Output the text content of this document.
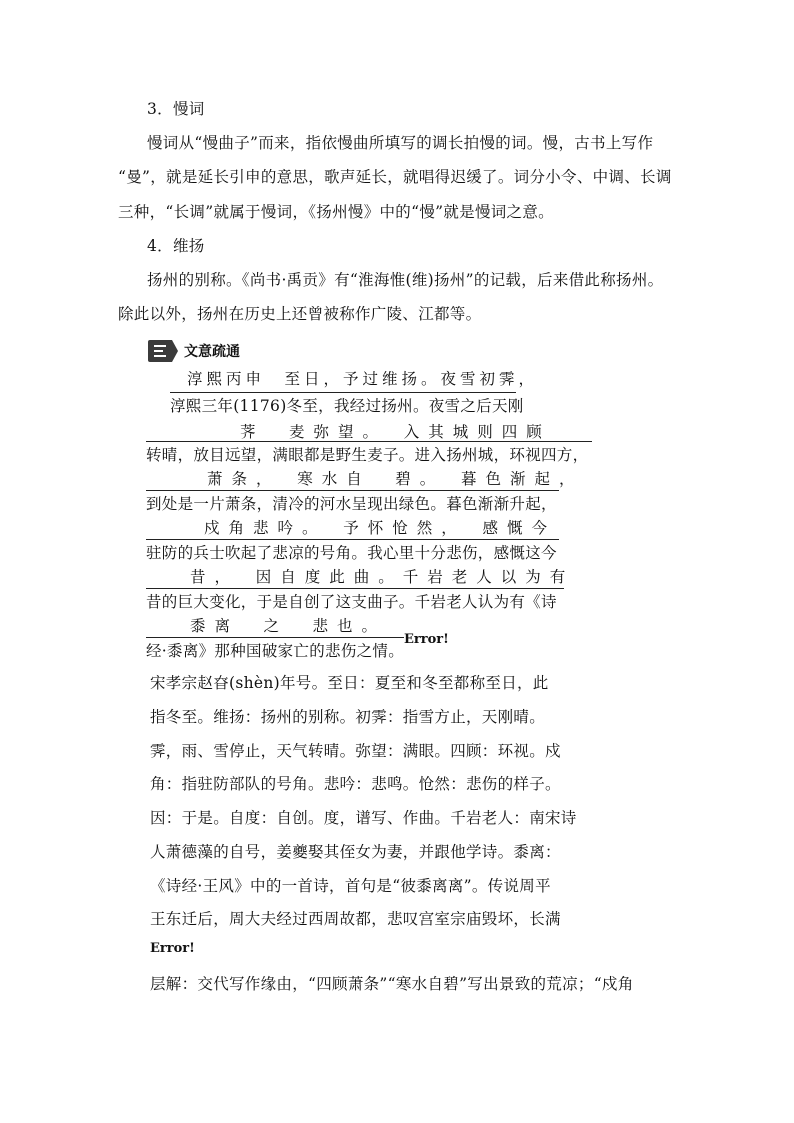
3．慢词
慢词从“慢曲子”而来，指依慢曲所填写的调长拍慢的词。慢，古书上写作
“曼”，就是延长引申的意思，歌声延长，就唱得迟缓了。词分小令、中调、长调
三种，“长调”就属于慢词，《扬州慢》中的“慢”就是慢词之意。
4．维扬
扬州的别称。《尚书·禹贡》有“淮海惟(维)扬州”的记载，后来借此称扬州。
除此以外，扬州在历史上还曾被称作广陵、江都等。
文意疏通
淳熙丙申　至日，予过维扬。夜雪初霁，
淳熙三年(1176)冬至，我经过扬州。夜雪之后天刚
荠　麦弥望。　入其城则四顾
转晴，放目远望，满眼都是野生麦子。进入扬州城，环视四方，
萧条，　寒水自　碧。　暮色渐起，
到处是一片萧条，清冷的河水呈现出绿色。暮色渐渐升起，
戍角悲吟。　予怀怆然，　感慨今
驻防的兵士吹起了悲凉的号角。我心里十分悲伤，感慨这今
昔，　因自度此曲。千岩老人以为有
昔的巨大变化，于是自创了这支曲子。千岩老人认为有《诗
黍离　之　悲也。
Error!
经·黍离》那种国破家亡的悲伤之情。
宋孝宗赵昚(shèn)年号。至日：夏至和冬至都称至日，此
指冬至。维扬：扬州的别称。初霁：指雪方止，天刚晴。
霁，雨、雪停止，天气转晴。弥望：满眼。四顾：环视。戍
角：指驻防部队的号角。悲吟：悲鸣。怆然：悲伤的样子。
因：于是。自度：自创。度，谱写、作曲。千岩老人：南宋诗
人萧德藻的自号，姜夔娶其侄女为妻，并跟他学诗。黍离：
《诗经·王风》中的一首诗，首句是“彼黍离离”。传说周平
王东迁后，周大夫经过西周故都，悲叹宫室宗庙毁坏，长满
Error!
层解：交代写作缘由，“四顾萧条”“寒水自碧”写出景致的荒凉；“戍角
